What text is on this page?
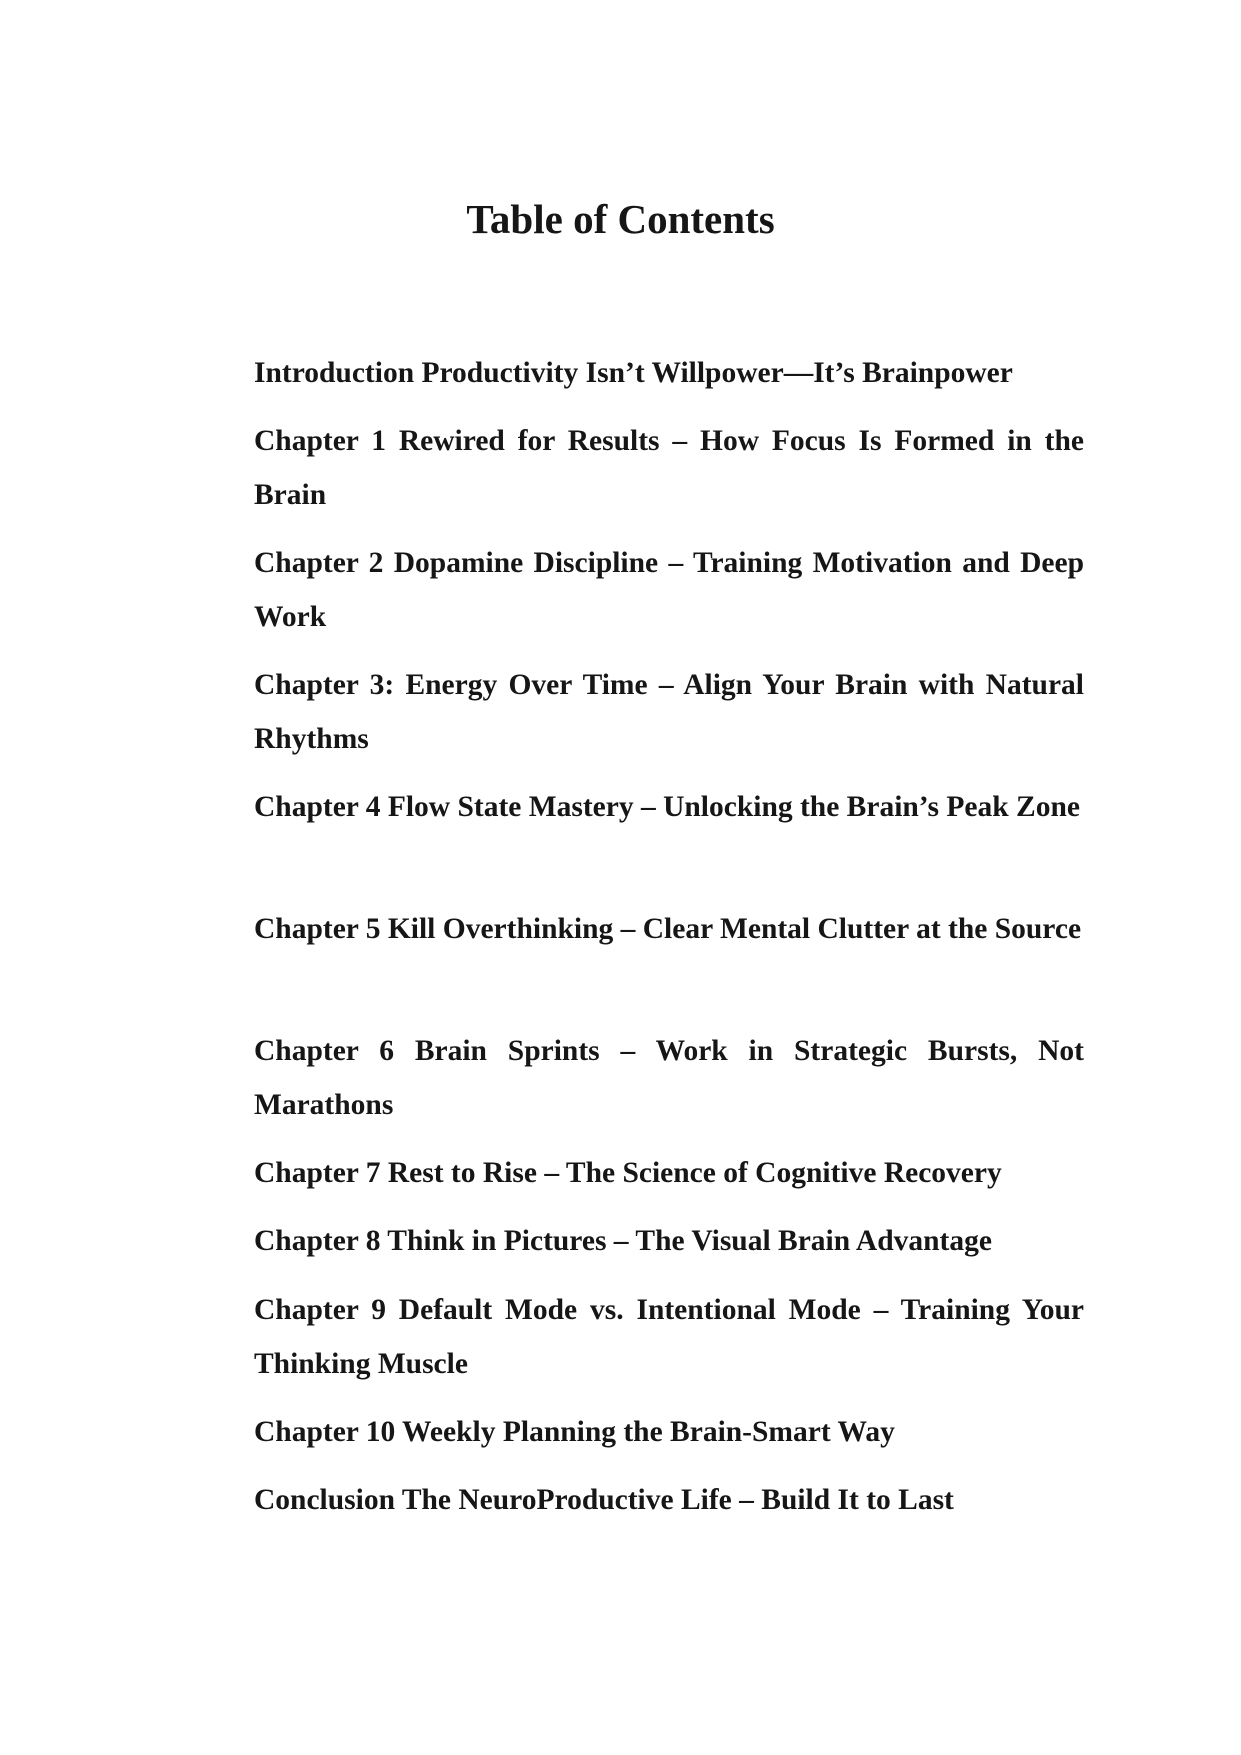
Table of Contents

Introduction Productivity Isn’t Willpower—It’s Brainpower

Chapter 1 Rewired for Results – How Focus Is Formed in the Brain

Chapter 2 Dopamine Discipline – Training Motivation and Deep Work

Chapter 3: Energy Over Time – Align Your Brain with Natural Rhythms

Chapter 4 Flow State Mastery – Unlocking the Brain’s Peak Zone

Chapter 5 Kill Overthinking – Clear Mental Clutter at the Source

Chapter 6 Brain Sprints – Work in Strategic Bursts, Not Marathons

Chapter 7 Rest to Rise – The Science of Cognitive Recovery

Chapter 8 Think in Pictures – The Visual Brain Advantage

Chapter 9 Default Mode vs. Intentional Mode – Training Your Thinking Muscle

Chapter 10 Weekly Planning the Brain-Smart Way

Conclusion The NeuroProductive Life – Build It to Last
